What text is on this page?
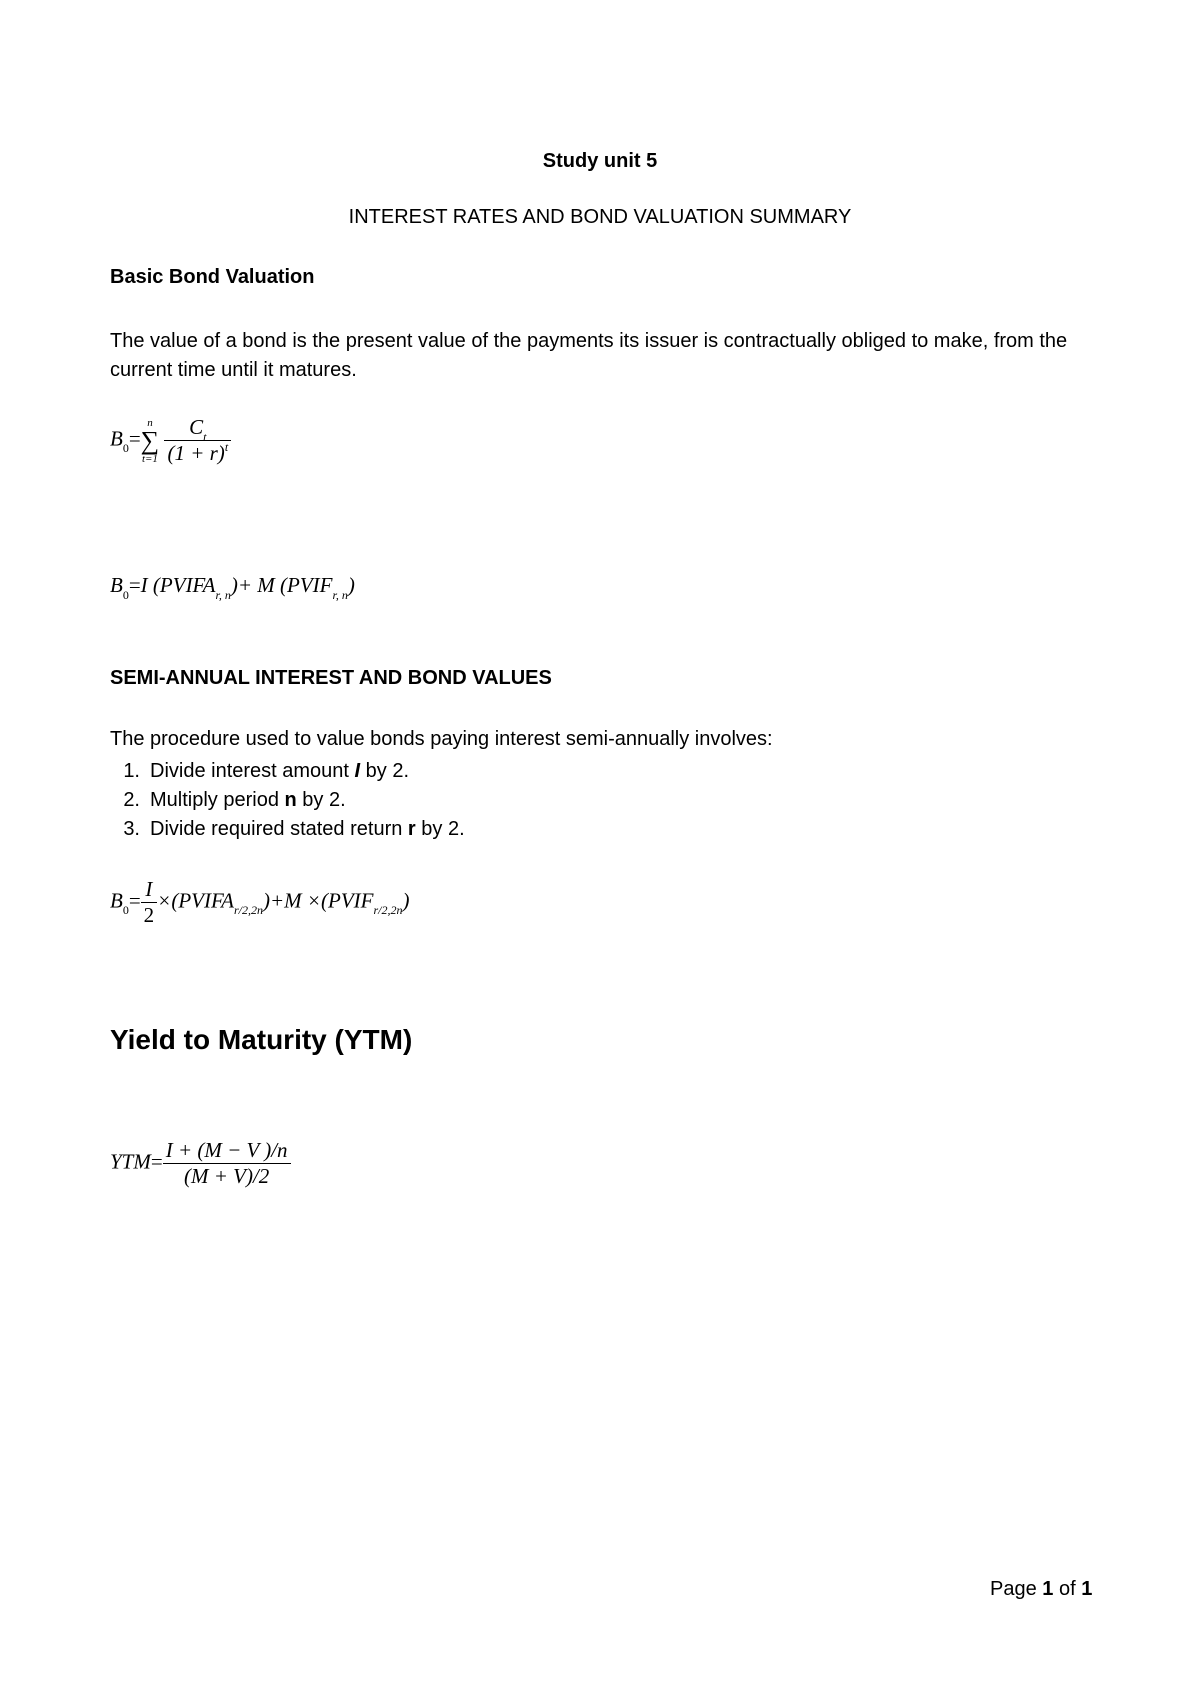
Study unit 5
INTEREST RATES AND BOND VALUATION SUMMARY
Basic Bond Valuation
The value of a bond is the present value of the payments its issuer is contractually obliged to make, from the current time until it matures.
$B_0=$
n
∑
t=1
$\frac{C_t}{(1 + r)^t}$
$B_0=I$ $(PVIFA_{r, n})+ M$ $(PVIF_{r, n})$
SEMI-ANNUAL INTEREST AND BOND VALUES
The procedure used to value bonds paying interest semi-annually involves:
1. Divide interest amount I by 2.
2. Multiply period n by 2.
3. Divide required stated return r by 2.
$B_0= \frac{I}{2}$ $\times(PVIFA_{r/2,2n})+M$ $\times(PVIF_{r/2,2n})$
Yield to Maturity (YTM)
$YTM= \frac{I + (M - V )/n}{(M + V)/2}$
Page 1 of 1
